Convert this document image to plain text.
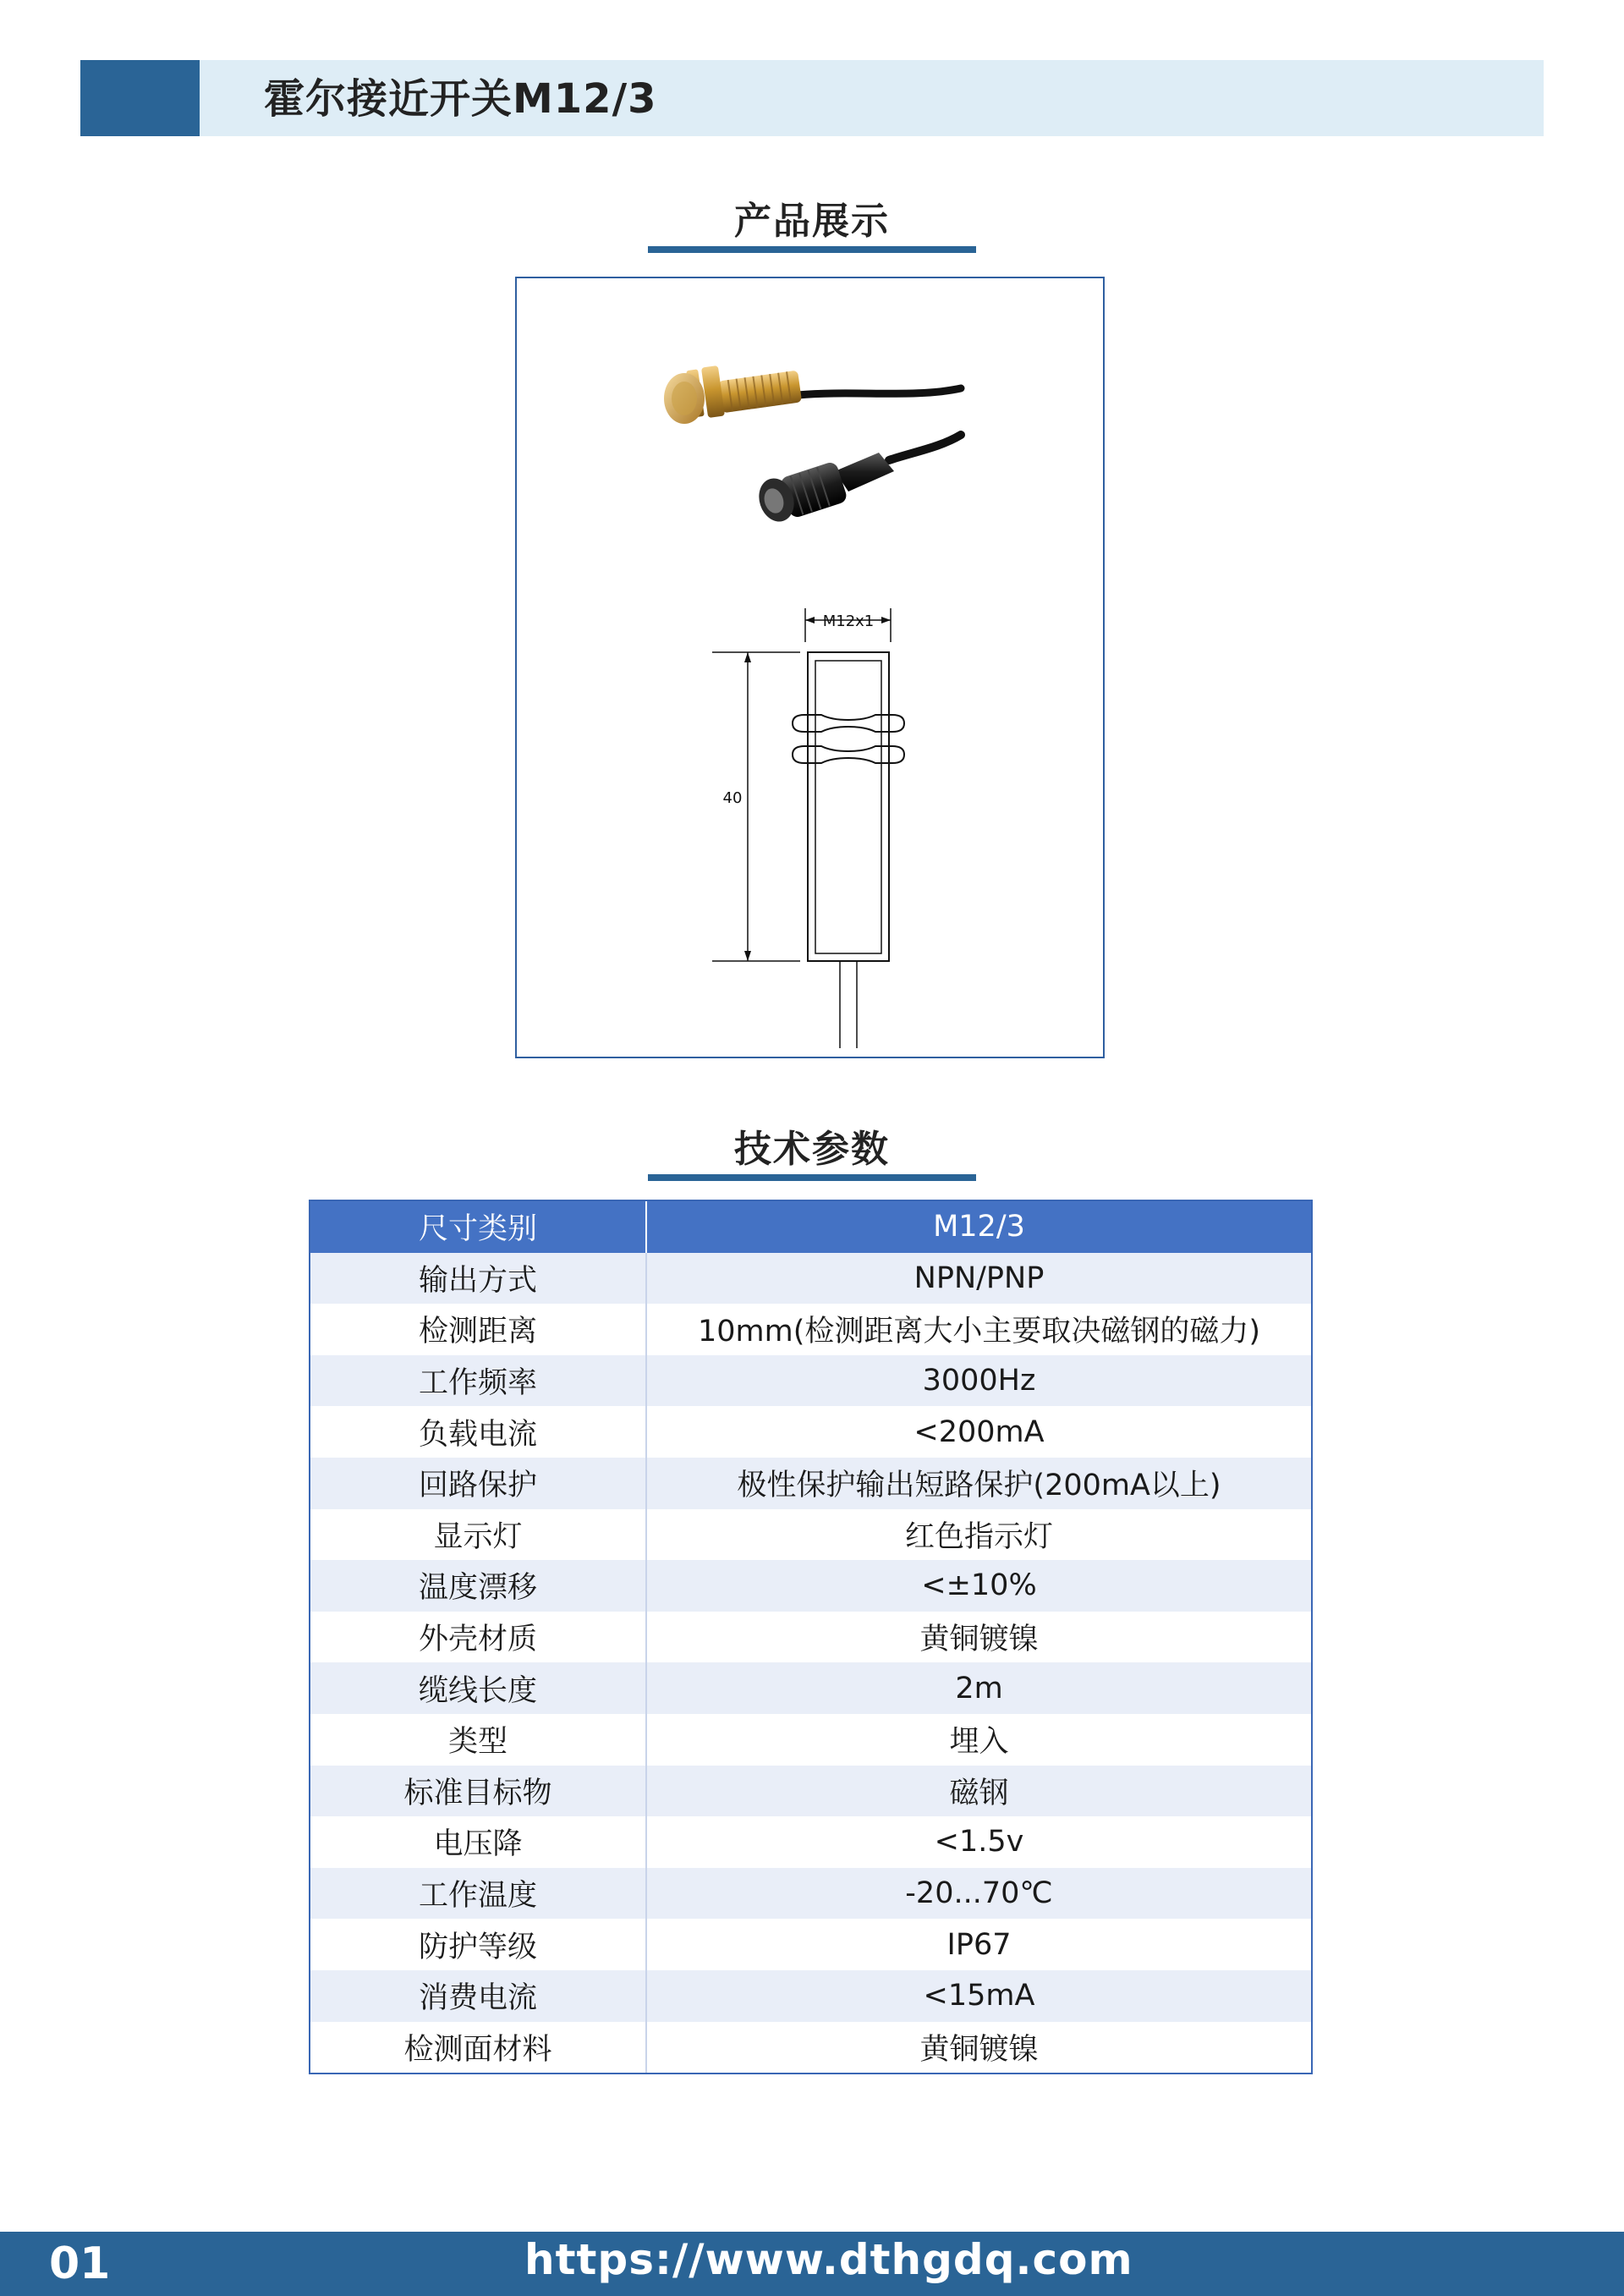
霍尔接近开关M12/3
产品展示
M12x1
40
技术参数
尺寸类别	M12/3
输出方式	NPN/PNP
检测距离	10mm(检测距离大小主要取决磁钢的磁力)
工作频率	3000Hz
负载电流	<200mA
回路保护	极性保护输出短路保护(200mA以上)
显示灯	红色指示灯
温度漂移	<±10%
外壳材质	黄铜镀镍
缆线长度	2m
类型	埋入
标准目标物	磁钢
电压降	<1.5v
工作温度	-20...70℃
防护等级	IP67
消费电流	<15mA
检测面材料	黄铜镀镍
01	https://www.dthgdq.com
